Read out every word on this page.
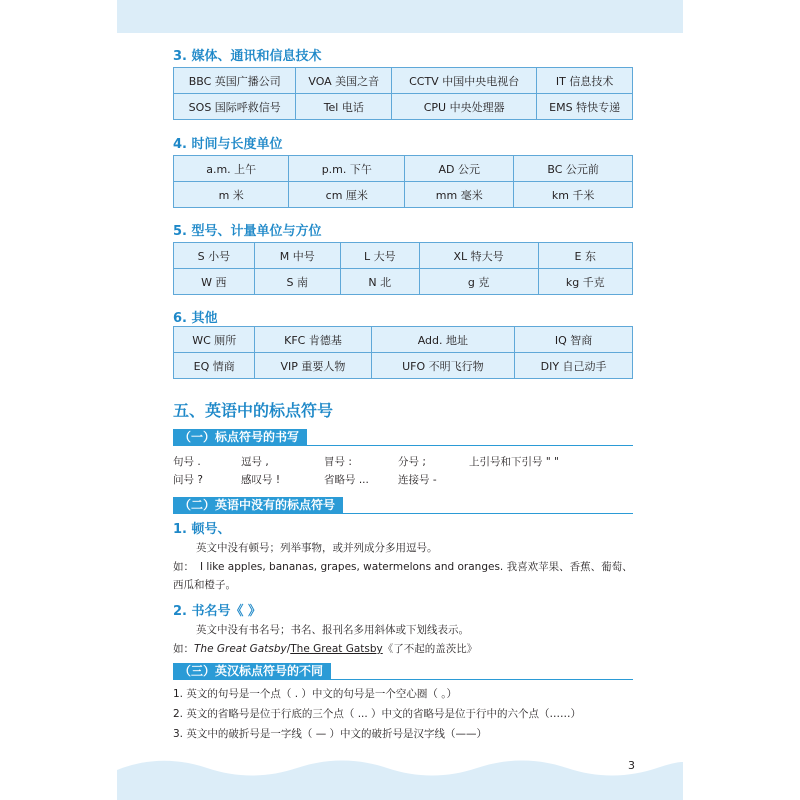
3. 媒体、通讯和信息技术
BBC 英国广播公司	VOA 美国之音	CCTV 中国中央电视台	IT 信息技术
SOS 国际呼救信号	Tel 电话	CPU 中央处理器	EMS 特快专递
4. 时间与长度单位
a.m. 上午	p.m. 下午	AD 公元	BC 公元前
m 米	cm 厘米	mm 毫米	km 千米
5. 型号、计量单位与方位
S 小号	M 中号	L 大号	XL 特大号	E 东
W 西	S 南	N 北	g 克	kg 千克
6. 其他
WC 厕所	KFC 肯德基	Add. 地址	IQ 智商
EQ 情商	VIP 重要人物	UFO 不明飞行物	DIY 自己动手
五、英语中的标点符号
（一）标点符号的书写
句号 .	逗号 ,	冒号 :	分号 ;	上引号和下引号 " "
问号 ?	感叹号 !	省略号 ...	连接号 -
（二）英语中没有的标点符号
1. 顿号、
英文中没有顿号；列举事物，或并列成分多用逗号。
如： I like apples, bananas, grapes, watermelons and oranges. 我喜欢苹果、香蕉、葡萄、
西瓜和橙子。
2. 书名号《 》
英文中没有书名号；书名、报刊名多用斜体或下划线表示。
如：The Great Gatsby/The Great Gatsby《了不起的盖茨比》
（三）英汉标点符号的不同
1. 英文的句号是一个点（ . ）中文的句号是一个空心圈（ 。）
2. 英文的省略号是位于行底的三个点（ ... ）中文的省略号是位于行中的六个点（……）
3. 英文中的破折号是一字线（ — ）中文的破折号是汉字线（——）
3
